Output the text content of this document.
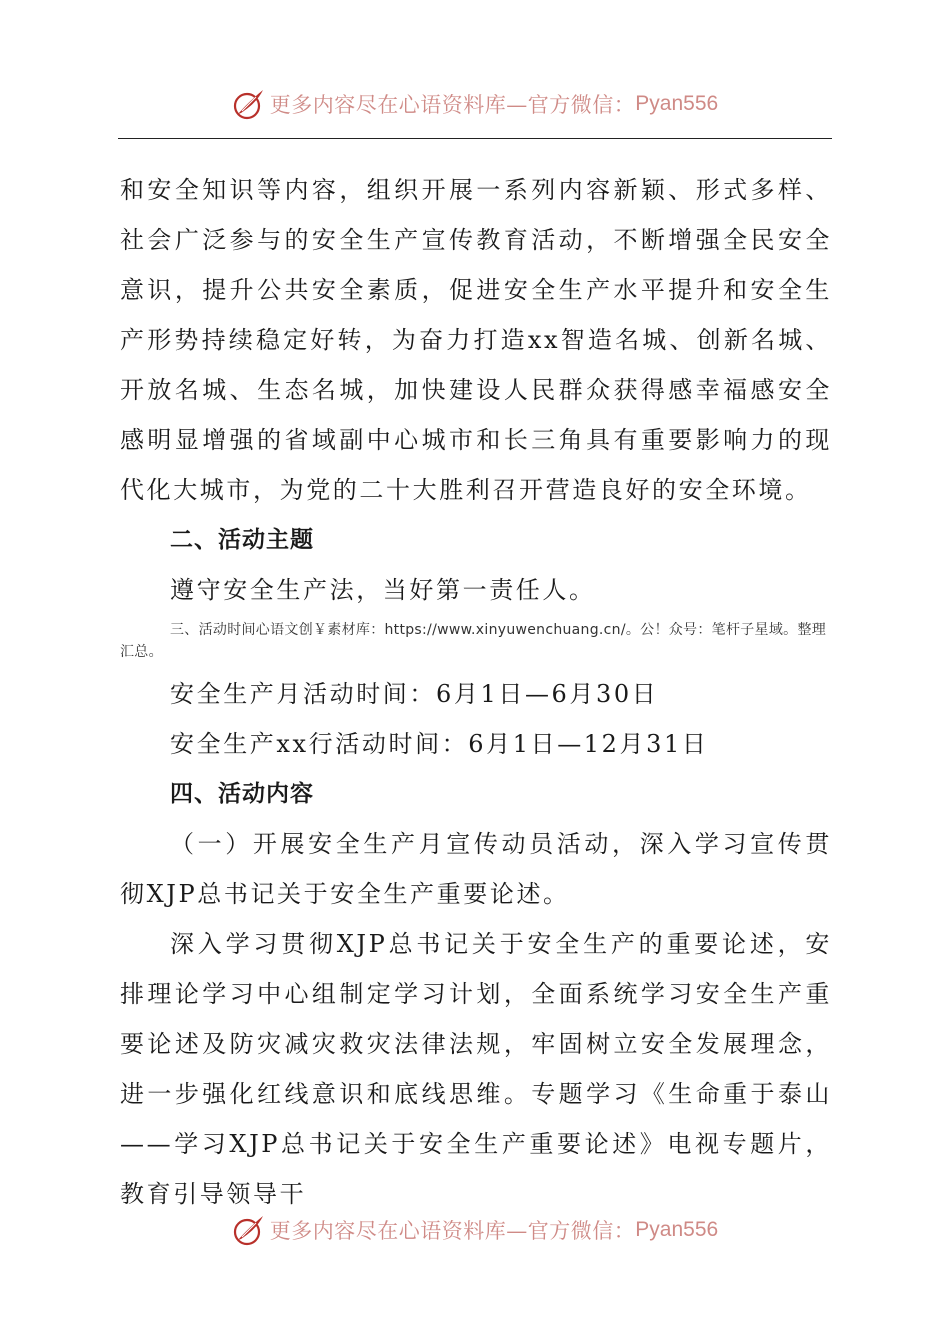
更多内容尽在心语资料库—官方微信： Pyan556

和安全知识等内容，组织开展一系列内容新颖、形式多样、社会广泛参与的安全生产宣传教育活动，不断增强全民安全意识，提升公共安全素质，促进安全生产水平提升和安全生产形势持续稳定好转，为奋力打造xx智造名城、创新名城、开放名城、生态名城，加快建设人民群众获得感幸福感安全感明显增强的省域副中心城市和长三角具有重要影响力的现代化大城市，为党的二十大胜利召开营造良好的安全环境。

二、活动主题

遵守安全生产法，当好第一责任人。

三、活动时间心语文创￥素材库：https://www.xinyuwenchuang.cn/。公！众号：笔杆子星域。整理汇总。

安全生产月活动时间：6月1日—6月30日

安全生产xx行活动时间：6月1日—12月31日

四、活动内容

（一）开展安全生产月宣传动员活动，深入学习宣传贯彻XJP总书记关于安全生产重要论述。

深入学习贯彻XJP总书记关于安全生产的重要论述，安排理论学习中心组制定学习计划，全面系统学习安全生产重要论述及防灾减灾救灾法律法规，牢固树立安全发展理念，进一步强化红线意识和底线思维。专题学习《生命重于泰山——学习XJP总书记关于安全生产重要论述》电视专题片，教育引导领导干

更多内容尽在心语资料库—官方微信： Pyan556
